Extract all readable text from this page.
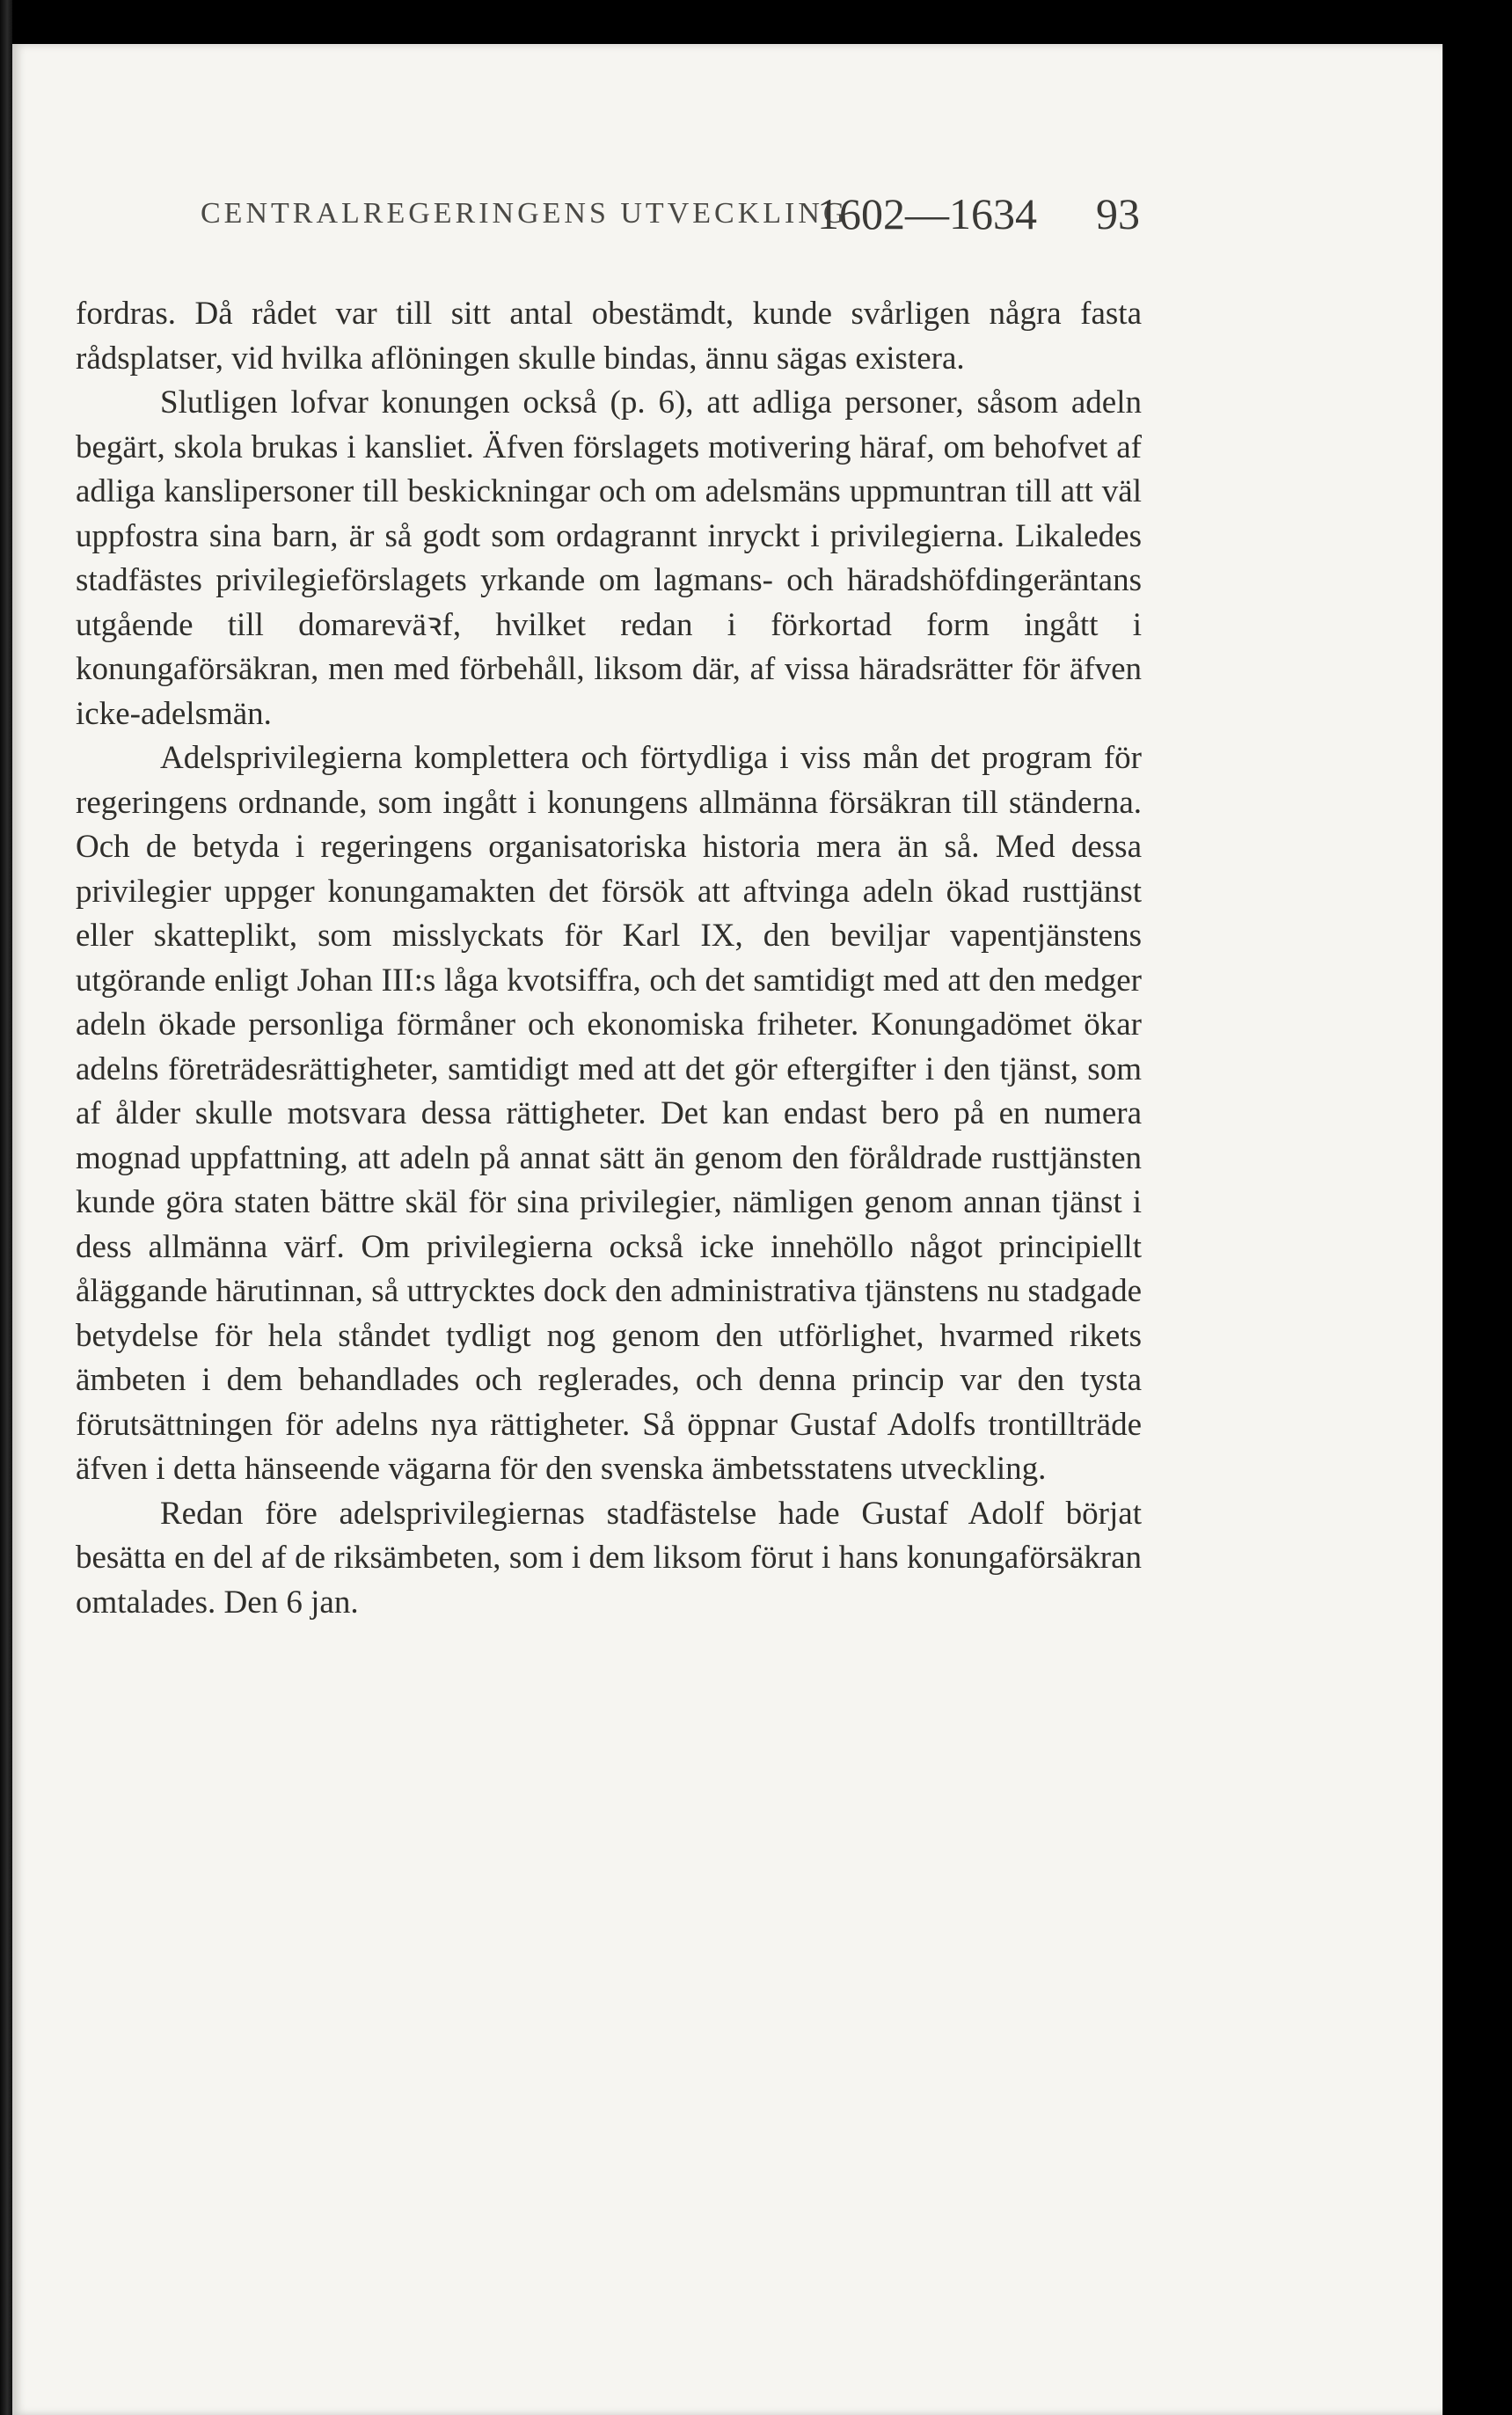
CENTRALREGERINGENS UTVECKLING
1602—1634 93

fordras. Då rådet var till sitt antal obestämdt, kunde svårligen några fasta rådsplatser, vid hvilka aflöningen skulle bindas, ännu sägas existera.

Slutligen lofvar konungen också (p. 6), att adliga personer, såsom adeln begärt, skola brukas i kansliet. Äfven förslagets motivering häraf, om behofvet af adliga kanslipersoner till beskickningar och om adelsmäns uppmuntran till att väl uppfostra sina barn, är så godt som ordagrannt inryckt i privilegierna. Likaledes stadfästes privilegieförslagets yrkande om lagmans- och häradshöfdingeräntans utgående till domareväꝛf, hvilket redan i förkortad form ingått i konungaförsäkran, men med förbehåll, liksom där, af vissa häradsrätter för äfven icke-adelsmän.

Adelsprivilegierna komplettera och förtydliga i viss mån det program för regeringens ordnande, som ingått i konungens allmänna försäkran till ständerna. Och de betyda i regeringens organisatoriska historia mera än så. Med dessa privilegier uppger konungamakten det försök att aftvinga adeln ökad rusttjänst eller skatteplikt, som misslyckats för Karl IX, den beviljar vapentjänstens utgörande enligt Johan III:s låga kvotsiffra, och det samtidigt med att den medger adeln ökade personliga förmåner och ekonomiska friheter. Konungadömet ökar adelns företrädesrättigheter, samtidigt med att det gör eftergifter i den tjänst, som af ålder skulle motsvara dessa rättigheter. Det kan endast bero på en numera mognad uppfattning, att adeln på annat sätt än genom den föråldrade rusttjänsten kunde göra staten bättre skäl för sina privilegier, nämligen genom annan tjänst i dess allmänna värf. Om privilegierna också icke innehöllo något principiellt åläggande härutinnan, så uttrycktes dock den administrativa tjänstens nu stadgade betydelse för hela ståndet tydligt nog genom den utförlighet, hvarmed rikets ämbeten i dem behandlades och reglerades, och denna princip var den tysta förutsättningen för adelns nya rättigheter. Så öppnar Gustaf Adolfs trontillträde äfven i detta hänseende vägarna för den svenska ämbetsstatens utveckling.

Redan före adelsprivilegiernas stadfästelse hade Gustaf Adolf börjat besätta en del af de riksämbeten, som i dem liksom förut i hans konungaförsäkran omtalades. Den 6 jan.
